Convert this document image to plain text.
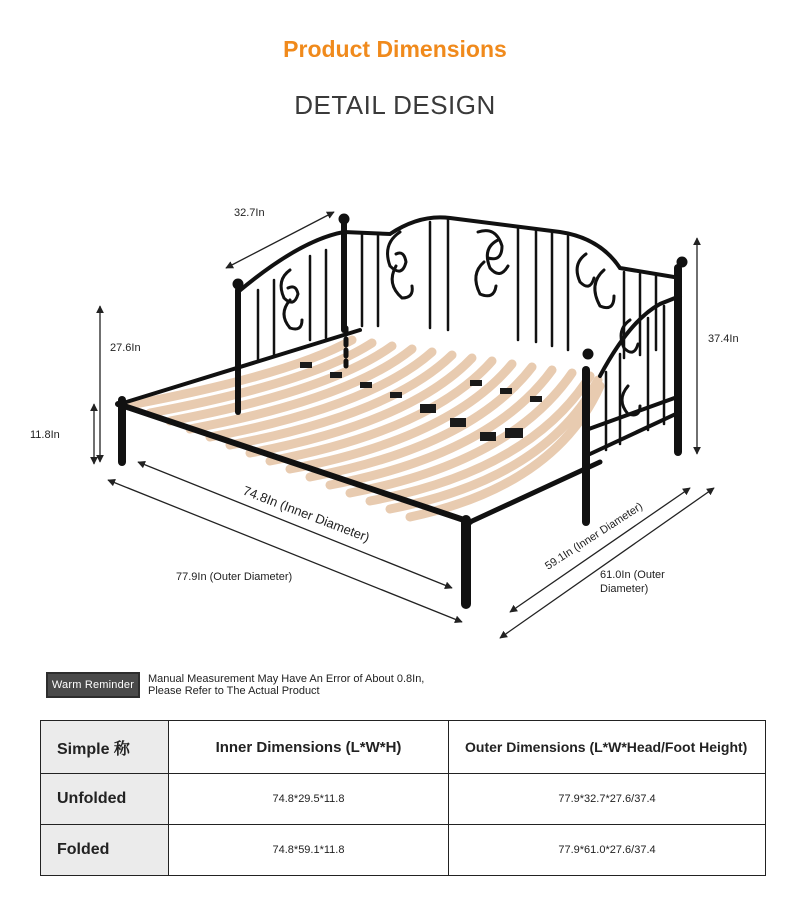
Product Dimensions
DETAIL DESIGN
32.7In
27.6In
11.8In
37.4In
74.8In (Inner Diameter)
77.9In (Outer Diameter)
59.1In (Inner Diameter)
61.0In (Outer
Diameter)
Warm Reminder	Manual Measurement May Have An Error of About 0.8In,
Please Refer to The Actual Product
Simple 称	Inner Dimensions (L*W*H)	Outer Dimensions (L*W*Head/Foot Height)
Unfolded	74.8*29.5*11.8	77.9*32.7*27.6/37.4
Folded	74.8*59.1*11.8	77.9*61.0*27.6/37.4
